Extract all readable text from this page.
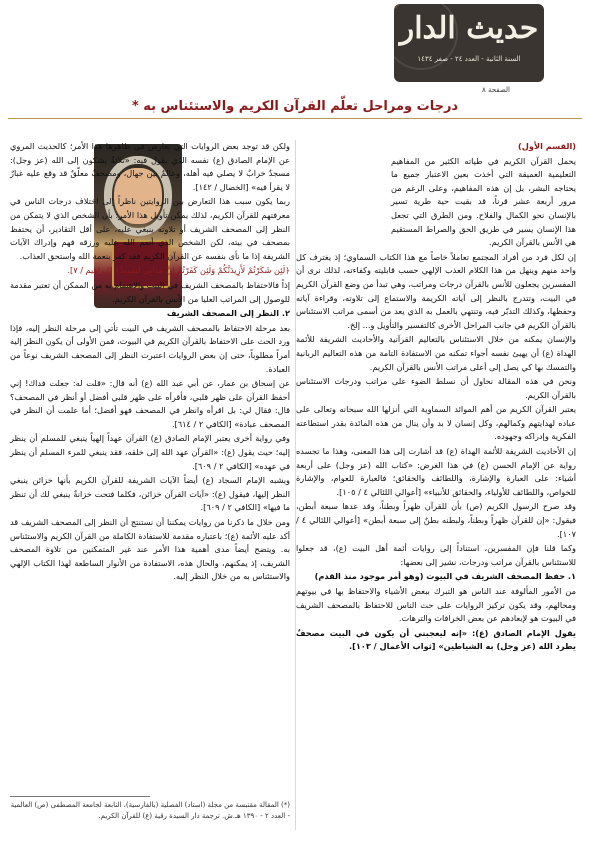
حديث الدار
السنة الثانية - العدد ٢٤ - صفر ١٤٣٤
الصفحة ٨
درجات ومراحل تعلّم القرآن الكريم والاستئناس به *

(القسم الأول)

يحمل القرآن الكريم في طياته الكثير من المفاهيم التعليمية العميقة التي أخذت بعين الاعتبار جميع ما يحتاجه البشر، بل إن هذه المفاهيم، وعلى الرغم من مرور أربعة عشر قرناً، قد بقيت حية طرية تسير بالإنسان نحو الكمال والفلاح. ومن الطرق التي تجعل هذا الإنسان يسير في طريق الحق والصراط المستقيم هي الأنس بالقرآن الكريم.

إن لكل فرد من أفراد المجتمع تعاملاً خاصاً مع هذا الكتاب السماوي؛ إذ يغترف كل واحد منهم وينهل من هذا الكلام العذب الإلهي حسب قابليته وكفاءته، لذلك نرى أن المفسرين يجعلون للأنس بالقرآن درجات ومراتب، وهي تبدأ من وضع القرآن الكريم في البيت، وتتدرج بالنظر إلى آياته الكريمة والاستماع إلى تلاوته، وقراءة آياته وحفظها، وكذلك التدبّر فيه، وتنتهي بالعمل به الذي يعد من أسمى مراتب الاستئناس بالقرآن الكريم في جانب المراحل الأخرى كالتفسير والتأويل و... إلخ.

والإنسان يمكنه من خلال الاستئناس بالتعاليم القرآنية والأحاديث الشريفة للأئمة الهداة (ع) أن يهيئ نفسه أجواء تمكنه من الاستفادة التامة من هذه التعاليم الربانية والتمسك بها كي يصل إلى أعلى مراتب الأنس بالقرآن الكريم.

ونحن في هذه المقالة نحاول أن نسلط الضوء على مراتب ودرجات الاستئناس بالقرآن الكريم.

يعتبر القرآن الكريم من أهم الموائد السماوية التي أنزلها الله سبحانه وتعالى على عباده لهدايتهم وكمالهم، وكل إنسان لا بد وأن ينال من هذه المائدة بقدر استطاعته الفكرية وإدراكه وجهوده.

إن الأحاديث الشريفة للأئمة الهداة (ع) قد أشارت إلى هذا المعنى، وهذا ما تجسده رواية عن الإمام الحسن (ع) في هذا الغرض: «كتاب الله (عز وجل) على أربعة أشياء: على العبارة والإشارة، واللطائف والحقائق؛ فالعبارة للعوام، والإشارة للخواص، واللطائف للأولياء، والحقائق للأنبياء» [أعوالي اللئالي ٤ / ١٠٥].

وقد صرح الرسول الكريم (ص) بأن للقرآن ظهراً وبطناً، وقد عدها سبعة أبطن، فيقول: «إن للقرآن ظهراً وبطناً، ولبطنه بطنٌ إلى سبعة أبطن» [أعوالي اللئالي ٤ / ١٠٧].

وكما قلنا فإن المفسرين، استناداً إلى روايات أئمة أهل البيت (ع)، قد جعلوا للاستئناس بالقرآن مراتب ودرجات، نشير إلى بعضها:

١. حفظ المصحف الشريف في البيوت (وهو أمر موجود منذ القدم)

من الأمور المألوفة عند الناس هو التبرك ببعض الأشياء والاحتفاظ بها في بيوتهم ومحالهم، وقد يكون تركيز الروايات على حث الناس للاحتفاظ بالمصحف الشريف في البيوت هو لإبعادهم عن بعض الخرافات والترهات.

يقول الإمام الصادق (ع): «إنه ليعجبني أن يكون في البيت مصحفٌ يطرد الله (عز وجل) به الشياطين» [ثواب الأعمال / ١٠٣].

ولكن قد توجد بعض الروايات التي تعارض في ظاهرها هذا الأمر؛ كالحديث المروي عن الإمام الصادق (ع) نفسه الذي يقول فيه: «ثلاثةٌ يشكون إلى الله (عز وجل): مسجدٌ خرابٌ لا يصلي فيه أهله، وعالمٌ بين جهال، ومصحفٌ معلّقٌ قد وقع عليه غبارٌ لا يقرأ فيه» [الخصال / ١٤٢].

ربما يكون سبب هذا التعارض بين الروايتين ناظراً إلى اختلاف درجات الناس في معرفتهم للقرآن الكريم، لذلك يمكن تأويل هذا الأمر: بأن الشخص الذي لا يتمكن من النظر إلى المصحف الشريف أو تلاوته ينبغي عليه، على أقل التقادير، أن يحتفظ بمصحف في بيته، لكن الشخص الذي أنعم الله عليه ورزقه فهم وإدراك الآيات الشريفة إذا ما نأى بنفسه عن القرآن الكريم فقد كفر بنعمة الله واستحق العذاب.

﴿لَئِن شَكَرْتُمْ لَأَزِيدَنَّكُمْ وَلَئِن كَفَرْتُمْ إِنَّ عَذَابِي لَشَدِيدٌ﴾ [إبراهيم / ٧].

إذاً فالاحتفاظ بالمصحف الشريف في البيت والاهتمام به من الممكن أن تعتبر مقدمة للوصول إلى المراتب العليا من الأنس بالقرآن الكريم.

٢. النظر إلى المصحف الشريف

بعد مرحلة الاحتفاظ بالمصحف الشريف في البيت تأتي إلى مرحلة النظر إليه، فإذا ورد الحث على الاحتفاظ بالقرآن الكريم في البيوت، فمن الأولى أن يكون النظر إليه أمراً مطلوباً، حتى إن بعض الروايات اعتبرت النظر إلى المصحف الشريف نوعاً من العبادة.

عن إسحاق بن عمار، عن أبي عبد الله (ع) أنه قال: «قلت له: جعلت فداك! إني أحفظ القرآن على ظهر قلبي، فأقرأه على ظهر قلبي أفضل أو أنظر في المصحف؟ قال: فقال لي: بل اقرأه وانظر في المصحف فهو أفضل؛ أما علمت أن النظر في المصحف عبادة» [الكافي ٢ / ٦١٤].

وفي رواية أخرى يعتبر الإمام الصادق (ع) القرآن عهداً إلهياً ينبغي للمسلم أن ينظر إليه؛ حيث يقول (ع): «القرآن عهد الله إلى خلقه، فقد ينبغي للمرء المسلم أن ينظر في عهده» [الكافي ٢ / ٦٠٩].

ويشبه الإمام السجاد (ع) أيضاً الآيات الشريفة للقرآن الكريم بأنها خزائن ينبغي النظر إليها، فيقول (ع): «آيات القرآن خزائن، فكلما فتحت خزانةٌ ينبغي لك أن تنظر ما فيها» [الكافي ٢ / ٦٠٩].

ومن خلال ما ذكرنا من روايات يمكننا أن نستنتج أن النظر إلى المصحف الشريف قد أكد عليه الأئمة (ع)؛ باعتباره مقدمة للاستفادة الكاملة من القرآن الكريم والاستئناس به. ويتضح أيضاً مدى أهمية هذا الأمر عند غير المتمكنين من تلاوة المصحف الشريف، إذ يمكنهم، والحال هذه، الاستفادة من الأنوار الساطعة لهذا الكتاب الإلهي والاستئناس به من خلال النظر إليه.

(*) المقالة مقتبسة من مجلة (استاد) الفصلية (بالفارسية)، التابعة لجامعة المصطفى (ص) العالمية - العدد ٢ - ١٣٩٠ هـ.ش. ترجمة دار السيدة رقية (ع) للقرآن الكريم.
